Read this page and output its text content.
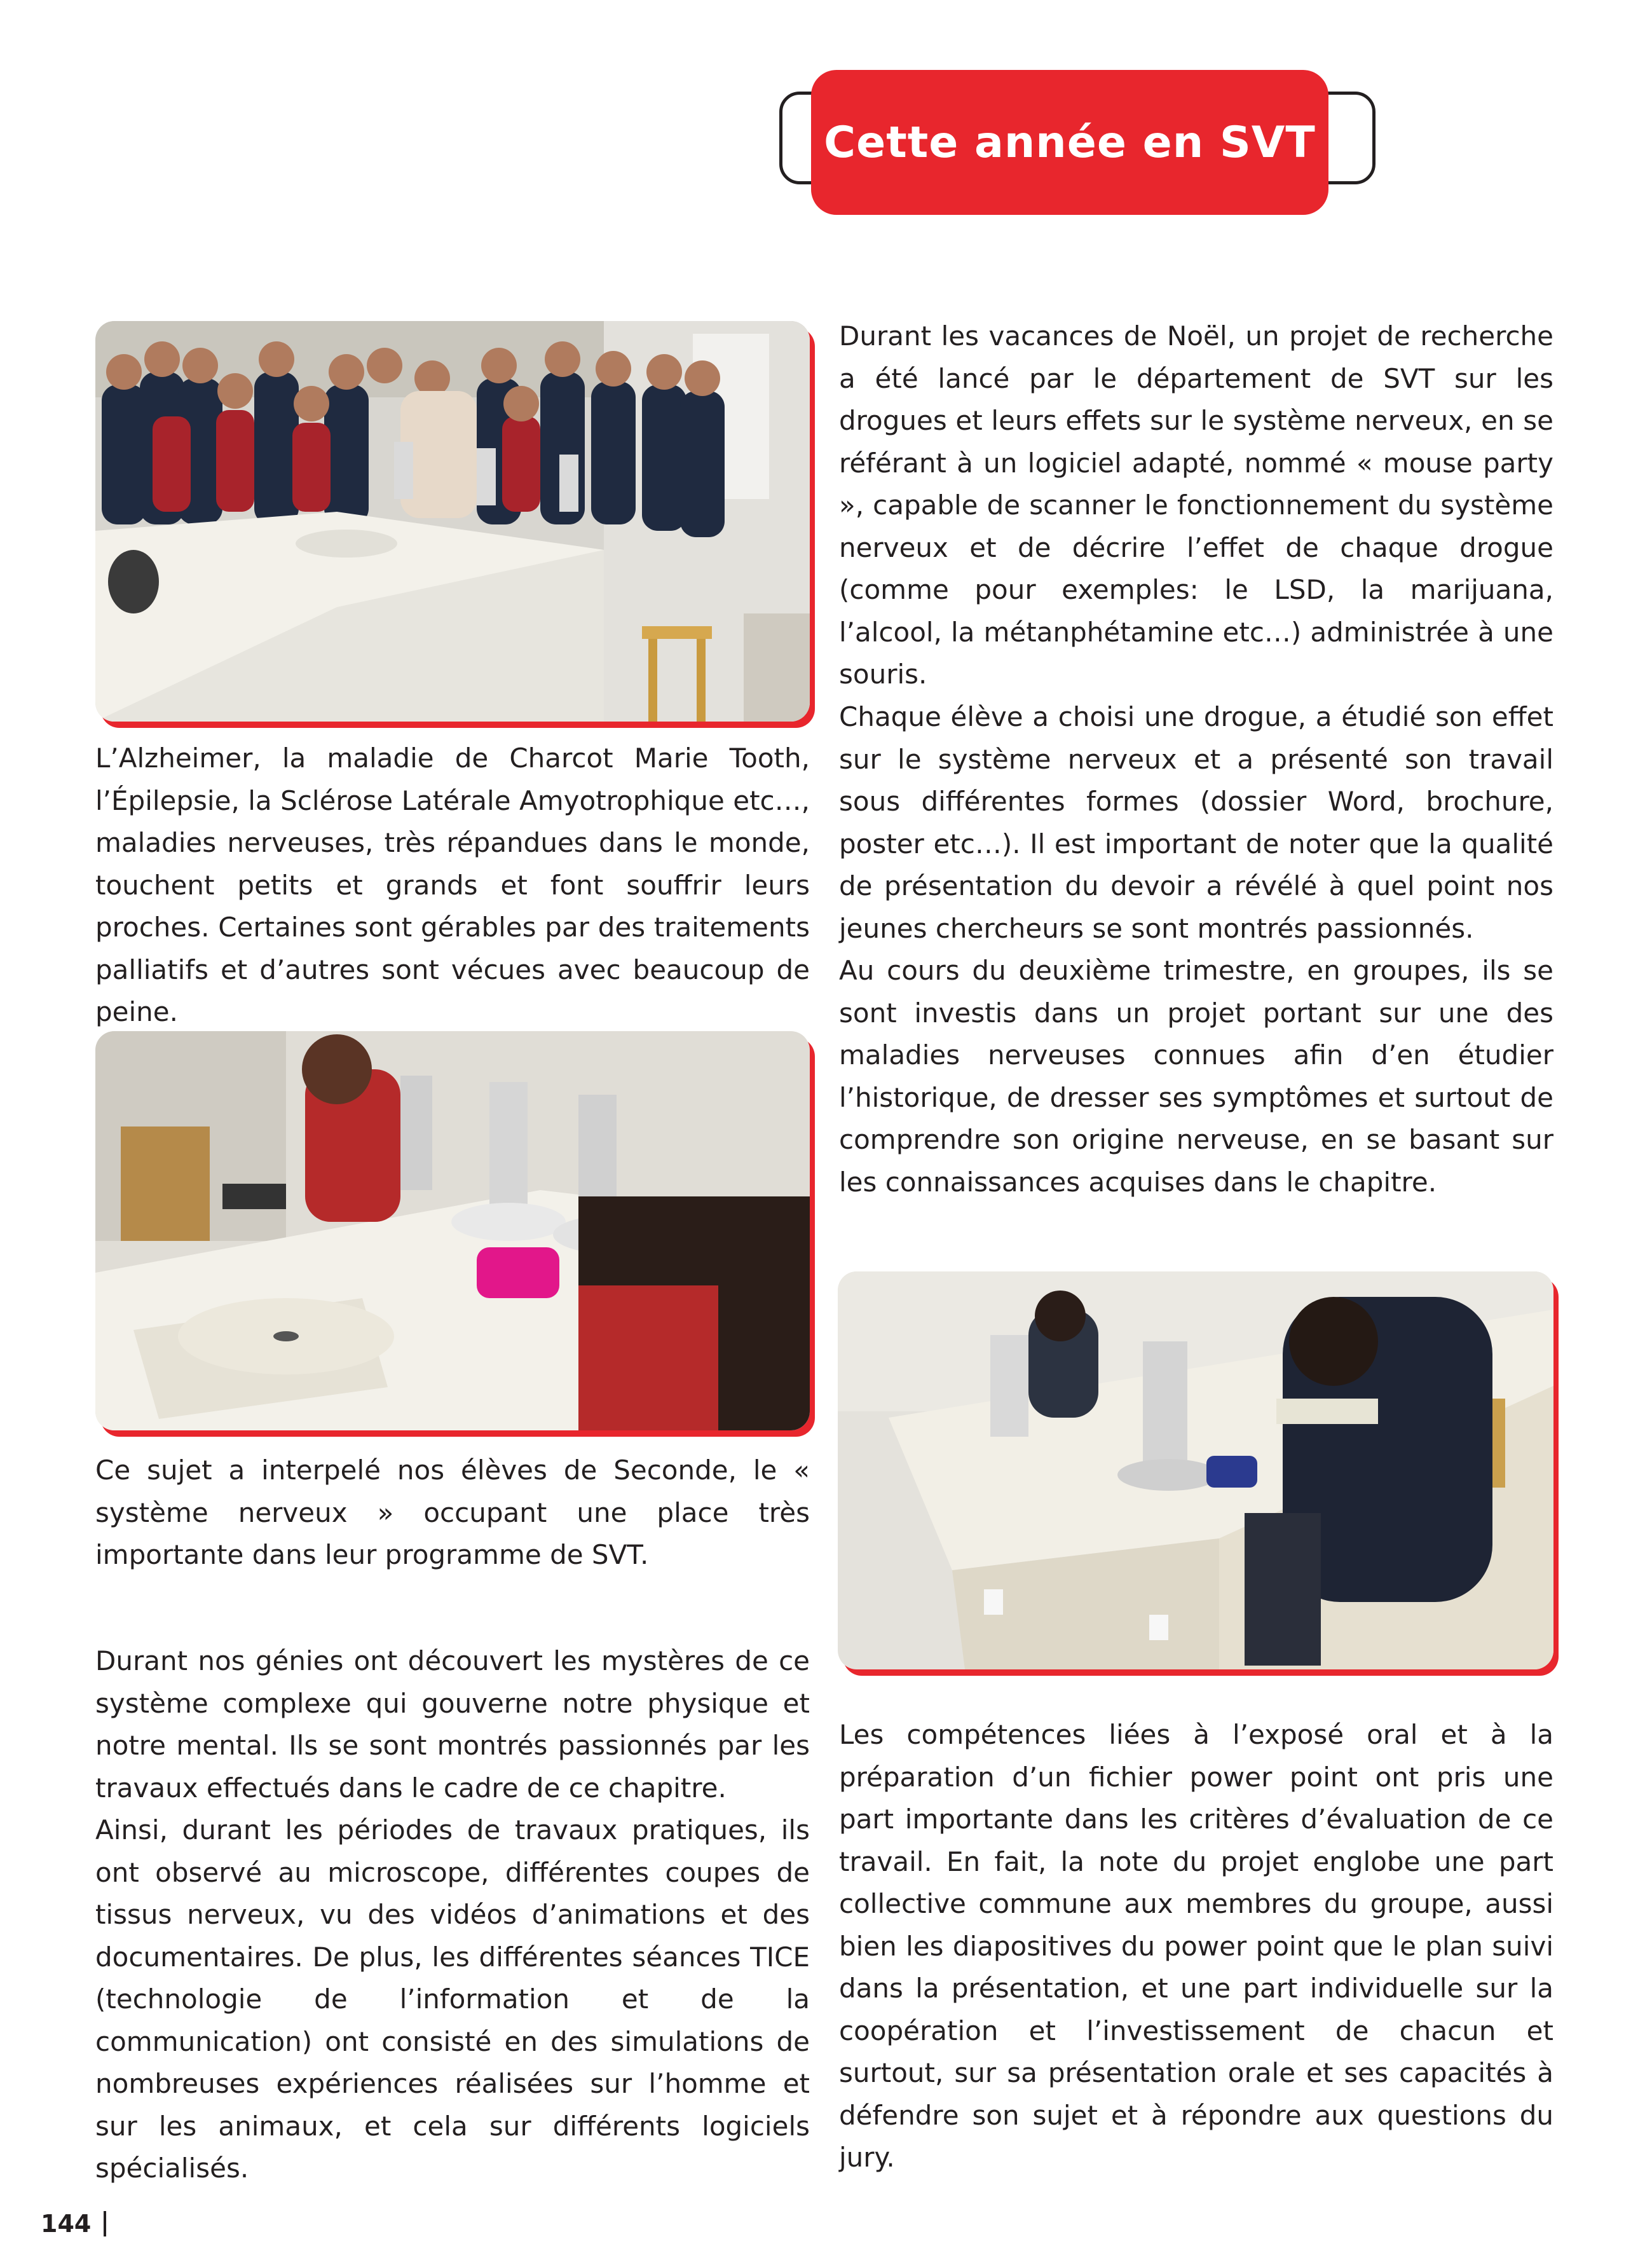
Cette année en SVT

L’Alzheimer, la maladie de Charcot Marie Tooth, l’Épilepsie, la Sclérose Latérale Amyotrophique etc…, maladies nerveuses, très répandues dans le monde, touchent petits et grands et font souffrir leurs proches. Certaines sont gérables par des traitements palliatifs et d’autres sont vécues avec beaucoup de peine.

Ce sujet a interpelé nos élèves de Seconde, le « système nerveux » occupant une place très importante dans leur programme de SVT.

Durant nos génies ont découvert les mystères de ce système complexe qui gouverne notre physique et notre mental. Ils se sont montrés passionnés par les travaux effectués dans le cadre de ce chapitre.

Ainsi, durant les périodes de travaux pratiques, ils ont observé au microscope, différentes coupes de tissus nerveux, vu des vidéos d’animations et des documentaires. De plus, les différentes séances TICE (technologie de l’information et de la communication) ont consisté en des simulations de nombreuses expériences réalisées sur l’homme et sur les animaux, et cela sur différents logiciels spécialisés.

Durant les vacances de Noël, un projet de recherche a été lancé par le département de SVT sur les drogues et leurs effets sur le système nerveux, en se référant à un logiciel adapté, nommé « mouse party », capable de scanner le fonctionnement du système nerveux et de décrire l’effet de chaque drogue (comme pour exemples: le LSD, la marijuana, l’alcool, la métanphétamine etc…) administrée à une souris.

Chaque élève a choisi une drogue, a étudié son effet sur le système nerveux et a présenté son travail sous différentes formes (dossier Word, brochure, poster etc…). Il est important de noter que la qualité de présentation du devoir a révélé à quel point nos jeunes chercheurs se sont montrés passionnés.

Au cours du deuxième trimestre, en groupes, ils se sont investis dans un projet portant sur une des maladies nerveuses connues afin d’en étudier l’historique, de dresser ses symptômes et surtout de comprendre son origine nerveuse, en se basant sur les connaissances acquises dans le chapitre.

Les compétences liées à l’exposé oral et à la préparation d’un fichier power point ont pris une part importante dans les critères d’évaluation de ce travail. En fait, la note du projet englobe une part collective commune aux membres du groupe, aussi bien les diapositives du power point que le plan suivi dans la présentation, et une part individuelle sur la coopération et l’investissement de chacun et surtout, sur sa présentation orale et ses capacités à défendre son sujet et à répondre aux questions du jury.

144
